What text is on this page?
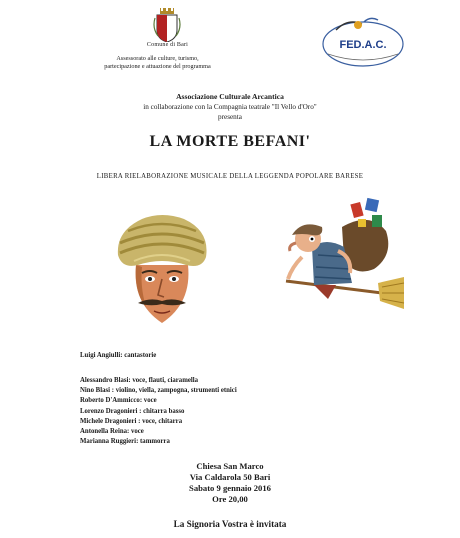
Comune di Bari
Assessorato alle culture, turismo,
partecipazione e attuazione del programma
FED.A.C.
Associazione Culturale Arcantica
in collaborazione con la Compagnia teatrale "Il Vello d'Oro"
presenta
LA MORTE BEFANI'
LIBERA RIELABORAZIONE MUSICALE DELLA LEGGENDA POPOLARE BARESE
Luigi Angiulli: cantastorie
Alessandro Blasi: voce, flauti, ciaramella
Nino Blasi : violino, viella, zampogna, strumenti etnici
Roberto D'Ammicco: voce
Lorenzo Dragonieri : chitarra basso
Michele Dragonieri : voce, chitarra
Antonella Reina: voce
Marianna Ruggieri: tammorra
Chiesa San Marco
Via Caldarola 50 Bari
Sabato 9 gennaio 2016
Ore 20,00
La Signoria Vostra è invitata
